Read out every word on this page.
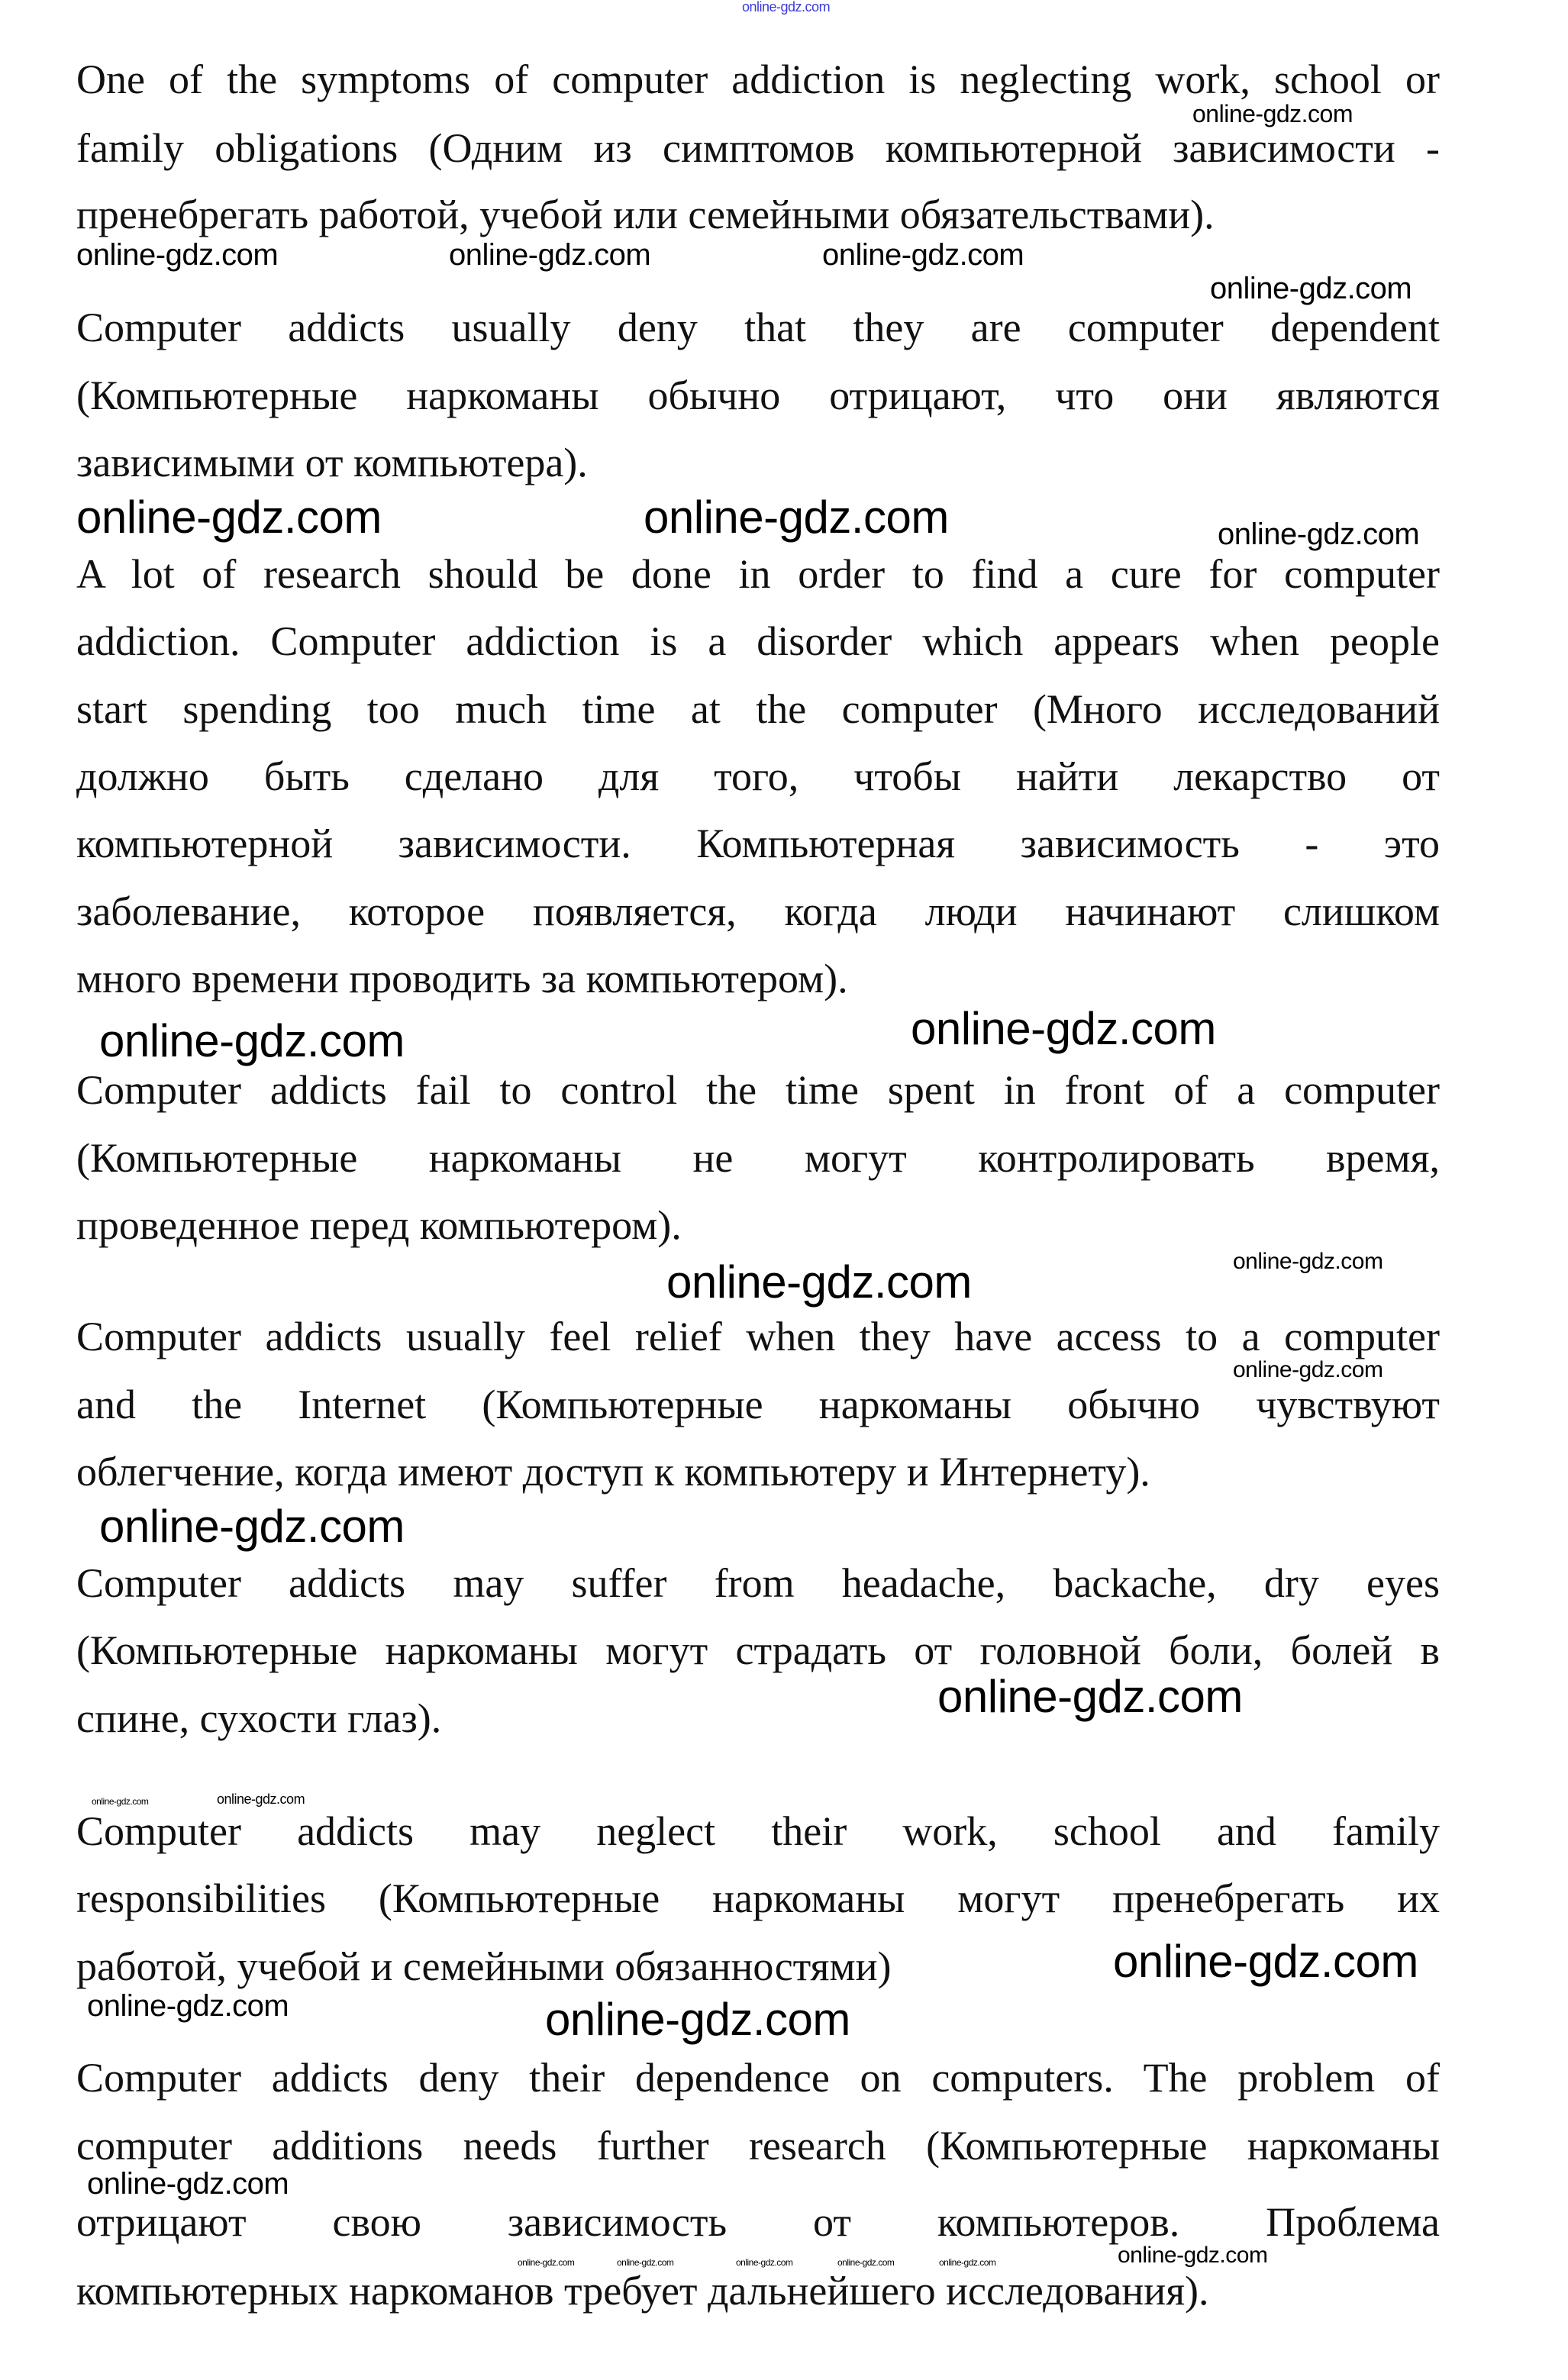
One of the symptoms of computer addiction is neglecting work, school or
family obligations (Одним из симптомов компьютерной зависимости -
пренебрегать работой, учебой или семейными обязательствами).
Computer addicts usually deny that they are computer dependent
(Компьютерные наркоманы обычно отрицают, что они являются
зависимыми от компьютера).
A lot of research should be done in order to find a cure for computer
addiction. Computer addiction is a disorder which appears when people
start spending too much time at the computer (Много исследований
должно быть сделано для того, чтобы найти лекарство от
компьютерной зависимости. Компьютерная зависимость - это
заболевание, которое появляется, когда люди начинают слишком
много времени проводить за компьютером).
Computer addicts fail to control the time spent in front of a computer
(Компьютерные наркоманы не могут контролировать время,
проведенное перед компьютером).
Computer addicts usually feel relief when they have access to a computer
and the Internet (Компьютерные наркоманы обычно чувствуют
облегчение, когда имеют доступ к компьютеру и Интернету).
Computer addicts may suffer from headache, backache, dry eyes
(Компьютерные наркоманы могут страдать от головной боли, болей в
спине, сухости глаз).
Computer addicts may neglect their work, school and family
responsibilities (Компьютерные наркоманы могут пренебрегать их
работой, учебой и семейными обязанностями)
Computer addicts deny their dependence on computers. The problem of
computer additions needs further research (Компьютерные наркоманы
отрицают свою зависимость от компьютеров. Проблема
компьютерных наркоманов требует дальнейшего исследования).
online-gdz.com
online-gdz.com
online-gdz.com	online-gdz.com	online-gdz.com
online-gdz.com
online-gdz.com	online-gdz.com	online-gdz.com
online-gdz.com
online-gdz.com
online-gdz.com
online-gdz.com
online-gdz.com
online-gdz.com
online-gdz.com
online-gdz.com	online-gdz.com
online-gdz.com
online-gdz.com	online-gdz.com
online-gdz.com
online-gdz.com
online-gdz.com	online-gdz.com	online-gdz.com	online-gdz.com	online-gdz.com
